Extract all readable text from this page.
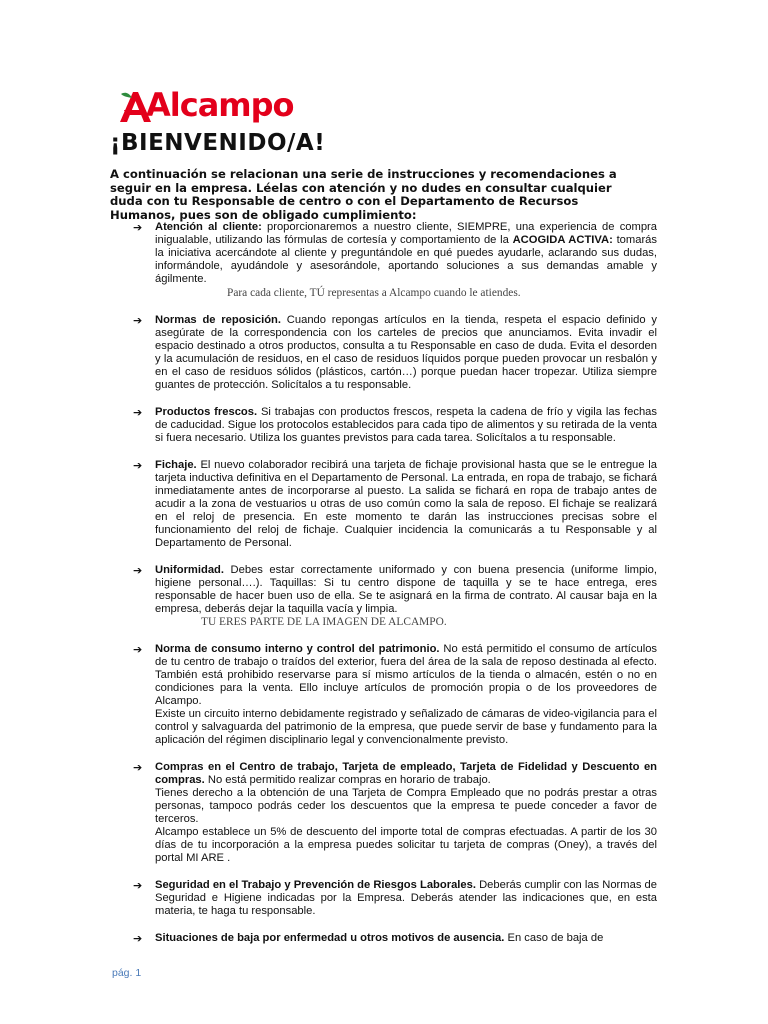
Alcampo
¡BIENVENIDO/A!

A continuación se relacionan una serie de instrucciones y recomendaciones a seguir en la empresa. Léelas con atención y no dudes en consultar cualquier duda con tu Responsable de centro o con el Departamento de Recursos Humanos, pues son de obligado cumplimiento:

➔ Atención al cliente: proporcionaremos a nuestro cliente, SIEMPRE, una experiencia de compra inigualable, utilizando las fórmulas de cortesía y comportamiento de la ACOGIDA ACTIVA: tomarás la iniciativa acercándote al cliente y preguntándole en qué puedes ayudarle, aclarando sus dudas, informándole, ayudándole y asesorándole, aportando soluciones a sus demandas amable y ágilmente.

Para cada cliente, TÚ representas a Alcampo cuando le atiendes.

➔ Normas de reposición. Cuando repongas artículos en la tienda, respeta el espacio definido y asegúrate de la correspondencia con los carteles de precios que anunciamos. Evita invadir el espacio destinado a otros productos, consulta a tu Responsable en caso de duda. Evita el desorden y la acumulación de residuos, en el caso de residuos líquidos porque pueden provocar un resbalón y en el caso de residuos sólidos (plásticos, cartón…) porque puedan hacer tropezar. Utiliza siempre guantes de protección. Solicítalos a tu responsable.

➔ Productos frescos. Si trabajas con productos frescos, respeta la cadena de frío y vigila las fechas de caducidad. Sigue los protocolos establecidos para cada tipo de alimentos y su retirada de la venta si fuera necesario. Utiliza los guantes previstos para cada tarea. Solicítalos a tu responsable.

➔ Fichaje. El nuevo colaborador recibirá una tarjeta de fichaje provisional hasta que se le entregue la tarjeta inductiva definitiva en el Departamento de Personal. La entrada, en ropa de trabajo, se fichará inmediatamente antes de incorporarse al puesto. La salida se fichará en ropa de trabajo antes de acudir a la zona de vestuarios u otras de uso común como la sala de reposo. El fichaje se realizará en el reloj de presencia. En este momento te darán las instrucciones precisas sobre el funcionamiento del reloj de fichaje. Cualquier incidencia la comunicarás a tu Responsable y al Departamento de Personal.

➔ Uniformidad. Debes estar correctamente uniformado y con buena presencia (uniforme limpio, higiene personal….). Taquillas: Si tu centro dispone de taquilla y se te hace entrega, eres responsable de hacer buen uso de ella. Se te asignará en la firma de contrato. Al causar baja en la empresa, deberás dejar la taquilla vacía y limpia.

TU ERES PARTE DE LA IMAGEN DE ALCAMPO.

➔ Norma de consumo interno y control del patrimonio. No está permitido el consumo de artículos de tu centro de trabajo o traídos del exterior, fuera del área de la sala de reposo destinada al efecto. También está prohibido reservarse para sí mismo artículos de la tienda o almacén, estén o no en condiciones para la venta. Ello incluye artículos de promoción propia o de los proveedores de Alcampo.

Existe un circuito interno debidamente registrado y señalizado de cámaras de video-vigilancia para el control y salvaguarda del patrimonio de la empresa, que puede servir de base y fundamento para la aplicación del régimen disciplinario legal y convencionalmente previsto.

➔ Compras en el Centro de trabajo, Tarjeta de empleado, Tarjeta de Fidelidad y Descuento en compras. No está permitido realizar compras en horario de trabajo.

Tienes derecho a la obtención de una Tarjeta de Compra Empleado que no podrás prestar a otras personas, tampoco podrás ceder los descuentos que la empresa te puede conceder a favor de terceros.

Alcampo establece un 5% de descuento del importe total de compras efectuadas. A partir de los 30 días de tu incorporación a la empresa puedes solicitar tu tarjeta de compras (Oney), a través del portal MI ARE .

➔ Seguridad en el Trabajo y Prevención de Riesgos Laborales. Deberás cumplir con las Normas de Seguridad e Higiene indicadas por la Empresa. Deberás atender las indicaciones que, en esta materia, te haga tu responsable.

➔ Situaciones de baja por enfermedad u otros motivos de ausencia. En caso de baja de

pág. 1
